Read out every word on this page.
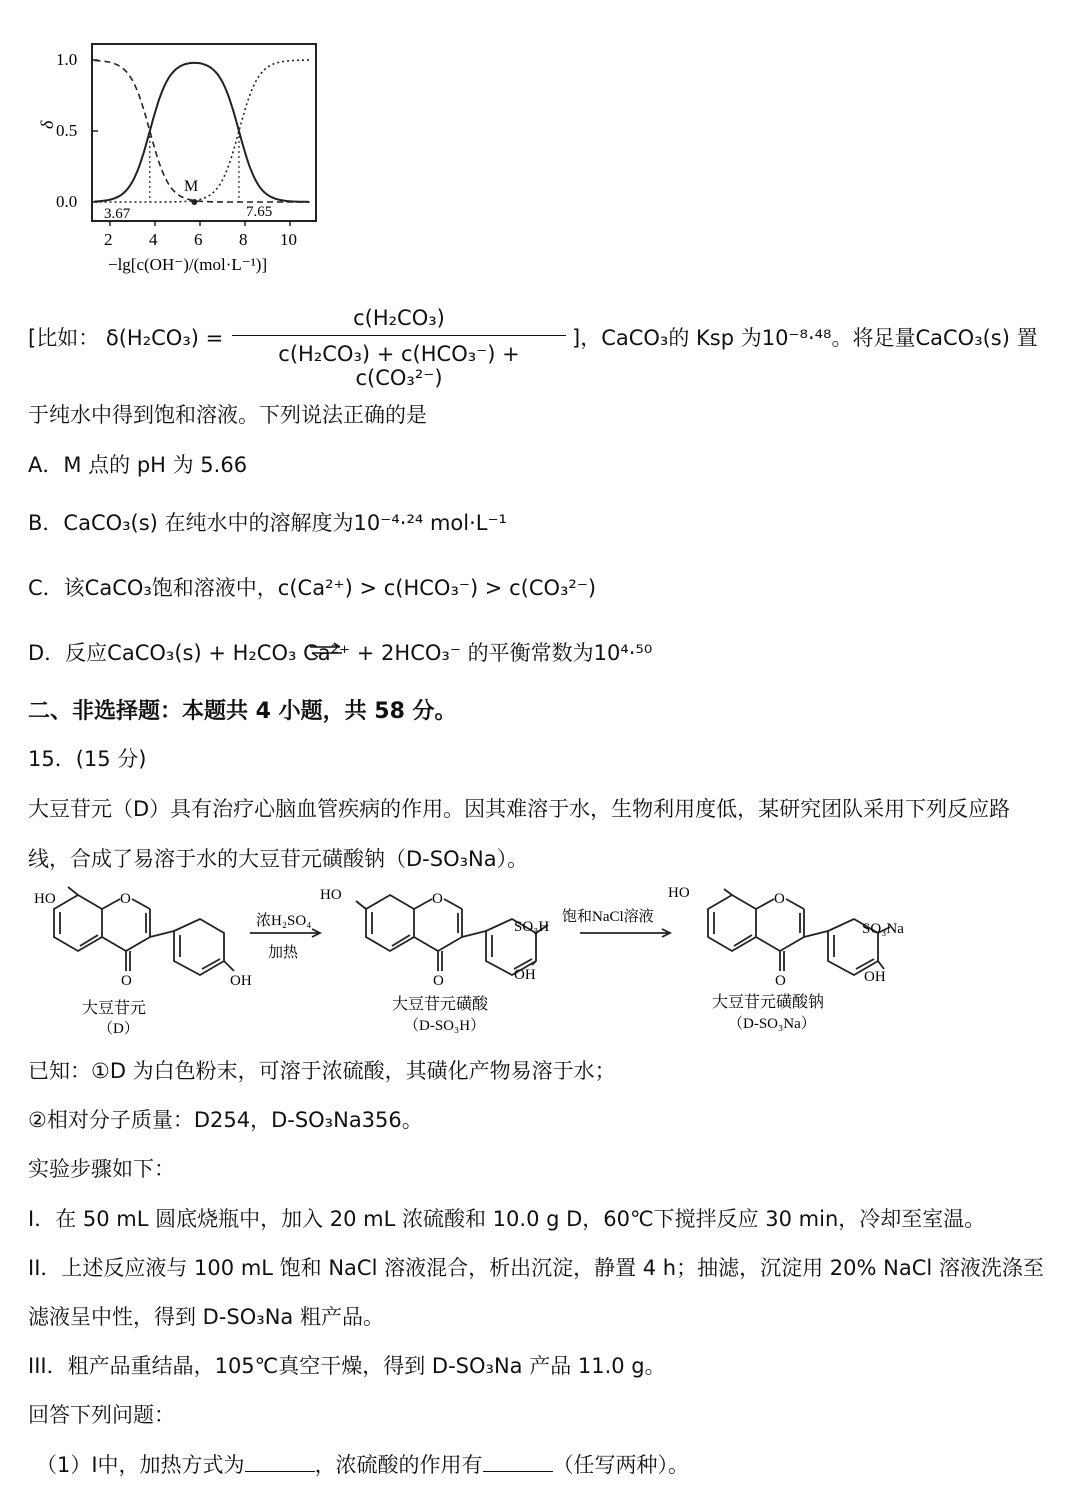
1.0
0.5
0.0
δ
2 4 6 8 10
−lg[c(OH⁻)/(mol·L⁻¹)]
3.67	7.65
M
[比如： δ(H₂CO₃) =
c(H₂CO₃)
c(H₂CO₃) + c(HCO₃⁻) + c(CO₃²⁻)
]，CaCO₃的 Ksp 为10⁻⁸·⁴⁸。将足量CaCO₃(s) 置
于纯水中得到饱和溶液。下列说法正确的是
A．M 点的 pH 为 5.66
B．CaCO₃(s) 在纯水中的溶解度为10⁻⁴·²⁴ mol·L⁻¹
C．该CaCO₃饱和溶液中，c(Ca²⁺) > c(HCO₃⁻) > c(CO₃²⁻)
D．反应CaCO₃(s) + H₂CO₃ Ca²⁺ + 2HCO₃⁻ 的平衡常数为10⁴·⁵⁰
二、非选择题：本题共 4 小题，共 58 分。
15．(15 分)
大豆苷元（D）具有治疗心脑血管疾病的作用。因其难溶于水，生物利用度低，某研究团队采用下列反应路
线，合成了易溶于水的大豆苷元磺酸钠（D-SO₃Na）。
HO	O
O	OH
HO	O
O
SO₃H
OH
HO	O
O
SO₃Na
OH
浓H₂SO₄
加热
饱和NaCl溶液
大豆苷元
（D）
大豆苷元磺酸
（D-SO₃H）
大豆苷元磺酸钠
（D-SO₃Na）
已知：①D 为白色粉末，可溶于浓硫酸，其磺化产物易溶于水；
②相对分子质量：D254，D-SO₃Na356。
实验步骤如下：
I．在 50 mL 圆底烧瓶中，加入 20 mL 浓硫酸和 10.0 g D，60℃下搅拌反应 30 min，冷却至室温。
II．上述反应液与 100 mL 饱和 NaCl 溶液混合，析出沉淀，静置 4 h；抽滤，沉淀用 20% NaCl 溶液洗涤至
滤液呈中性，得到 D-SO₃Na 粗产品。
III．粗产品重结晶，105℃真空干燥，得到 D-SO₃Na 产品 11.0 g。
回答下列问题：
（1）I中，加热方式为	，浓硫酸的作用有	（任写两种）。
